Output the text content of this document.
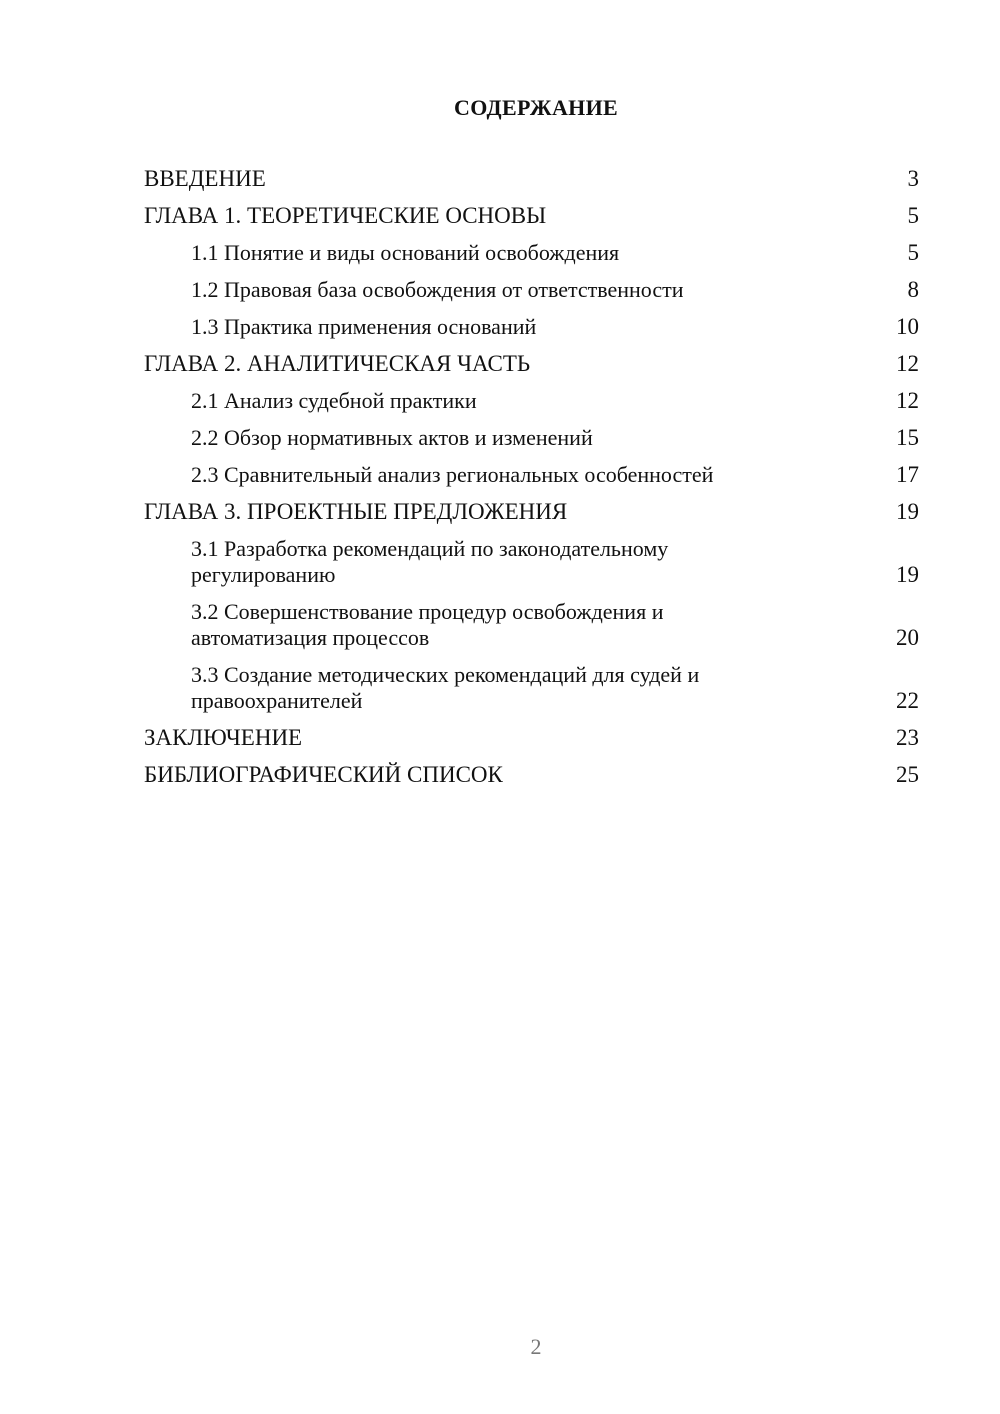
СОДЕРЖАНИЕ
ВВЕДЕНИЕ	3
ГЛАВА 1. ТЕОРЕТИЧЕСКИЕ ОСНОВЫ	5
1.1 Понятие и виды оснований освобождения	5
1.2 Правовая база освобождения от ответственности	8
1.3 Практика применения оснований	10
ГЛАВА 2. АНАЛИТИЧЕСКАЯ ЧАСТЬ	12
2.1 Анализ судебной практики	12
2.2 Обзор нормативных актов и изменений	15
2.3 Сравнительный анализ региональных особенностей	17
ГЛАВА 3. ПРОЕКТНЫЕ ПРЕДЛОЖЕНИЯ	19
3.1 Разработка рекомендаций по законодательному регулированию	19
3.2 Совершенствование процедур освобождения и автоматизация процессов	20
3.3 Создание методических рекомендаций для судей и правоохранителей	22
ЗАКЛЮЧЕНИЕ	23
БИБЛИОГРАФИЧЕСКИЙ СПИСОК	25
2
